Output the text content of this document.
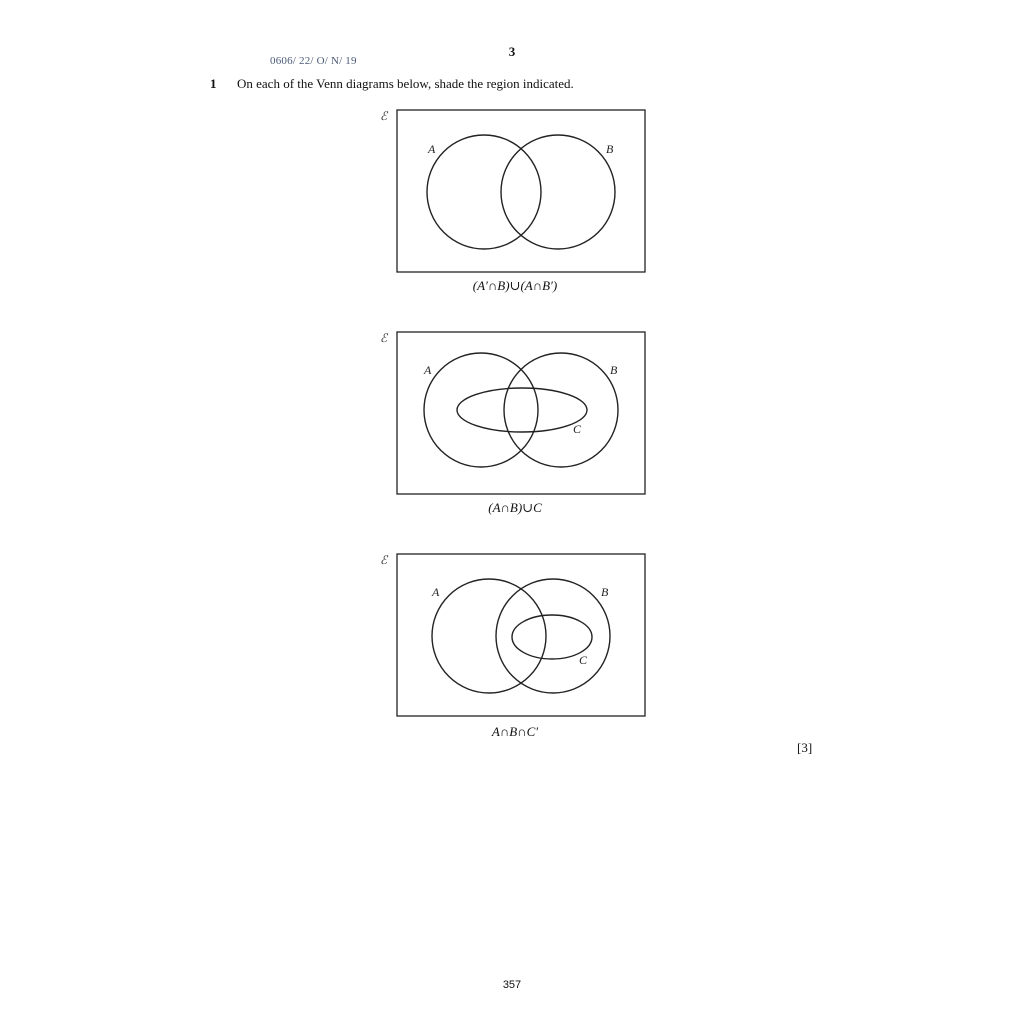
3
0606/ 22/ O/ N/ 19
1 On each of the Venn diagrams below, shade the region indicated.
ℰ
A	B
(A′∩B)∪(A∩B′)
ℰ
A	B
C
(A∩B)∪C
ℰ
A	B
C
A∩B∩C′
[3]
357
